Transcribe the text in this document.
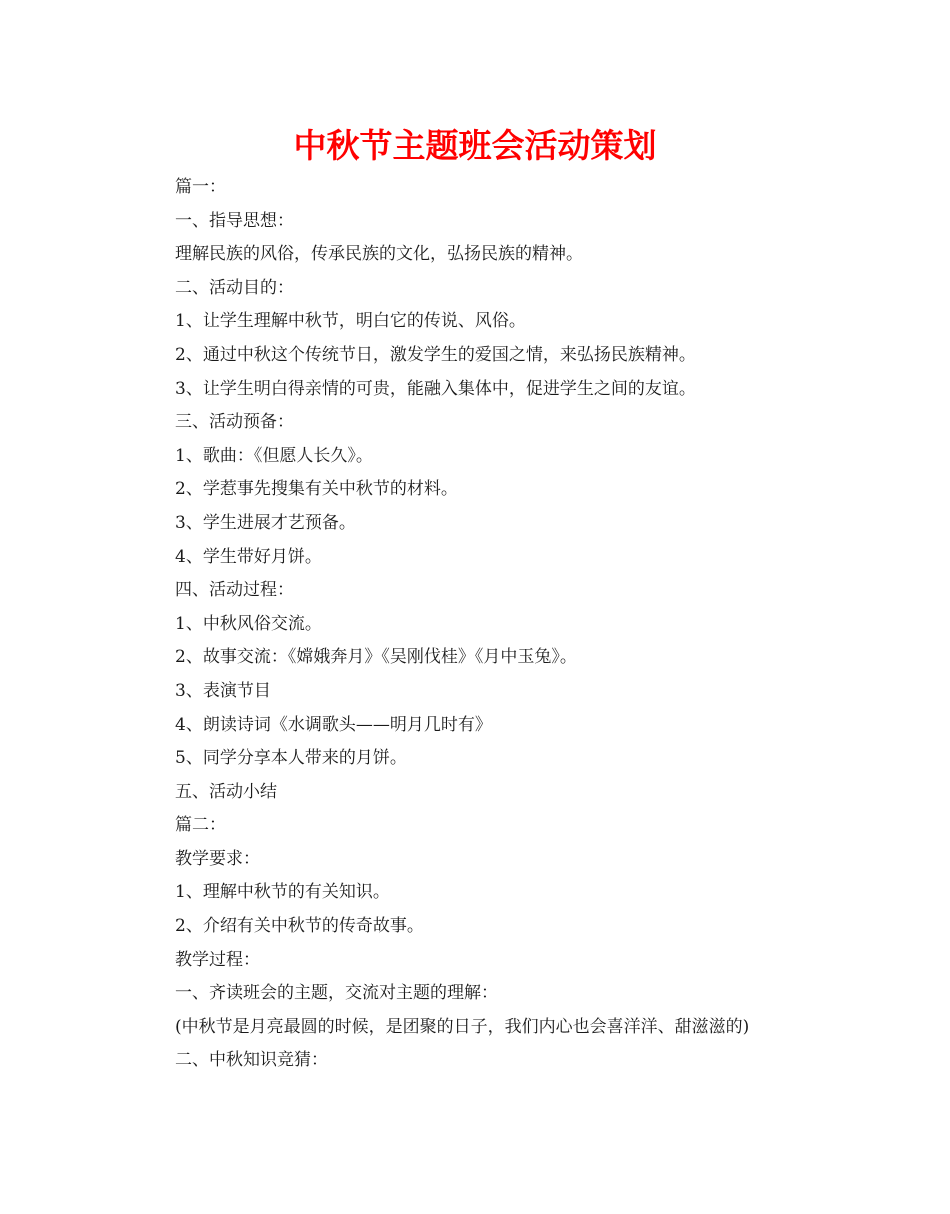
中秋节主题班会活动策划
篇一：
一、指导思想：
理解民族的风俗，传承民族的文化，弘扬民族的精神。
二、活动目的：
1、让学生理解中秋节，明白它的传说、风俗。
2、通过中秋这个传统节日，激发学生的爱国之情，来弘扬民族精神。
3、让学生明白得亲情的可贵，能融入集体中，促进学生之间的友谊。
三、活动预备：
1、歌曲：《但愿人长久》。
2、学惹事先搜集有关中秋节的材料。
3、学生进展才艺预备。
4、学生带好月饼。
四、活动过程：
1、中秋风俗交流。
2、故事交流：《嫦娥奔月》《吴刚伐桂》《月中玉兔》。
3、表演节目
4、朗读诗词《水调歌头——明月几时有》
5、同学分享本人带来的月饼。
五、活动小结
篇二：
教学要求：
1、理解中秋节的有关知识。
2、介绍有关中秋节的传奇故事。
教学过程：
一、齐读班会的主题，交流对主题的理解：
(中秋节是月亮最圆的时候，是团聚的日子，我们内心也会喜洋洋、甜滋滋的)
二、中秋知识竞猜：
